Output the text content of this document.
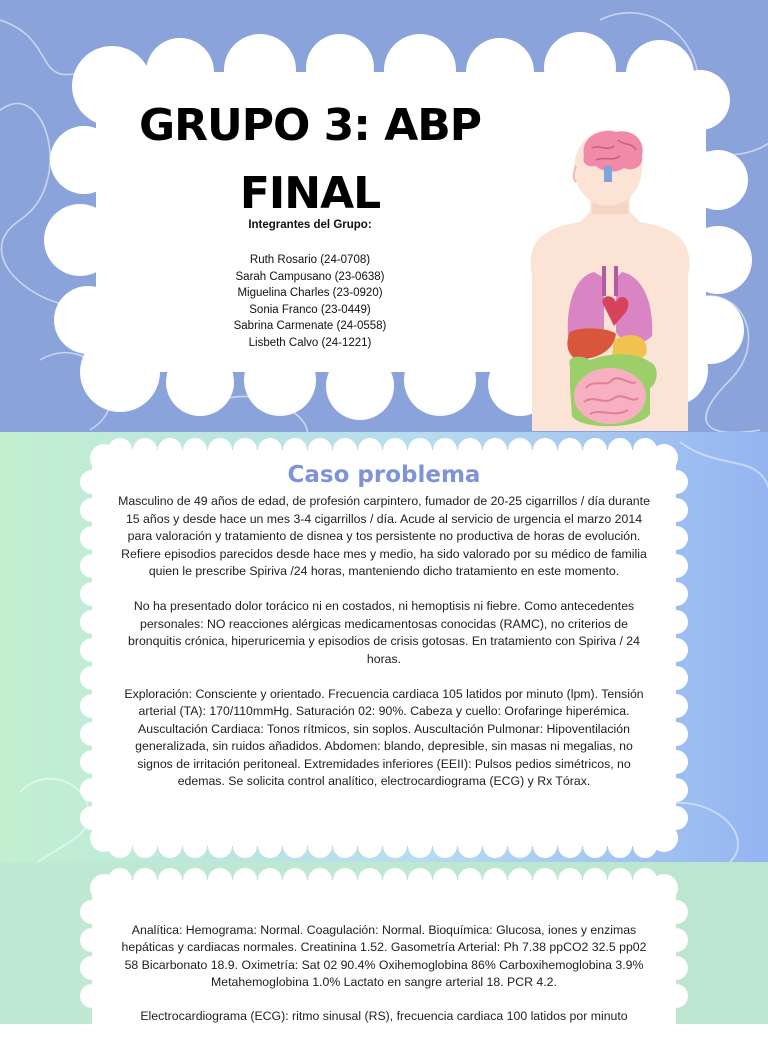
GRUPO 3: ABP FINAL
Integrantes del Grupo:
Ruth Rosario (24-0708)
Sarah Campusano (23-0638)
Miguelina Charles (23-0920)
Sonia Franco (23-0449)
Sabrina Carmenate (24-0558)
Lisbeth Calvo (24-1221)
Caso problema

Masculino de 49 años de edad, de profesión carpintero, fumador de 20-25 cigarrillos / día durante 15 años y desde hace un mes 3-4 cigarrillos / día. Acude al servicio de urgencia el marzo 2014 para valoración y tratamiento de disnea y tos persistente no productiva de horas de evolución. Refiere episodios parecidos desde hace mes y medio, ha sido valorado por su médico de familia quien le prescribe Spiriva /24 horas, manteniendo dicho tratamiento en este momento.

No ha presentado dolor torácico ni en costados, ni hemoptisis ni fiebre. Como antecedentes personales: NO reacciones alérgicas medicamentosas conocidas (RAMC), no criterios de bronquitis crónica, hiperuricemia y episodios de crisis gotosas. En tratamiento con Spiriva / 24 horas.

Exploración: Consciente y orientado. Frecuencia cardiaca 105 latidos por minuto (lpm). Tensión arterial (TA): 170/110mmHg. Saturación 02: 90%. Cabeza y cuello: Orofaringe hiperémica. Auscultación Cardiaca: Tonos rítmicos, sin soplos. Auscultación Pulmonar: Hipoventilación generalizada, sin ruidos añadidos. Abdomen: blando, depresible, sin masas ni megalias, no signos de irritación peritoneal. Extremidades inferiores (EEII): Pulsos pedios simétricos, no edemas. Se solicita control analítico, electrocardiograma (ECG) y Rx Tórax.

Analítica: Hemograma: Normal. Coagulación: Normal. Bioquímica: Glucosa, iones y enzimas hepáticas y cardiacas normales. Creatinina 1.52. Gasometría Arterial: Ph 7.38 ppCO2 32.5 pp02 58 Bicarbonato 18.9. Oximetría: Sat 02 90.4% Oxihemoglobina 86% Carboxihemoglobina 3.9% Metahemoglobina 1.0% Lactato en sangre arterial 18. PCR 4.2.

Electrocardiograma (ECG): ritmo sinusal (RS), frecuencia cardiaca 100 latidos por minuto
